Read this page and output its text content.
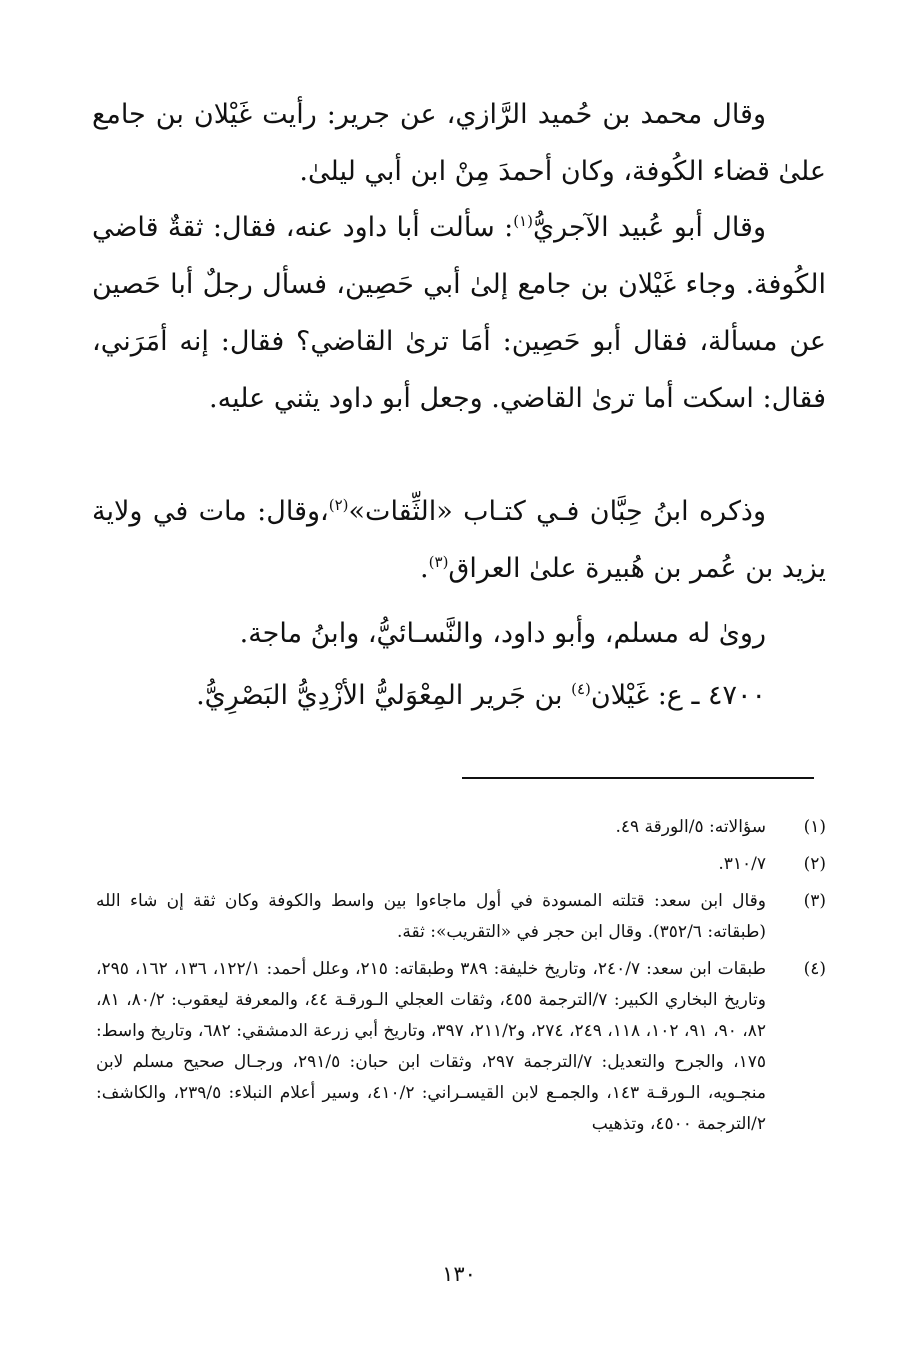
وقال محمد بن حُميد الرَّازي، عن جرير: رأيت غَيْلان بن جامع علىٰ قضاء الكُوفة، وكان أحمدَ مِنْ ابن أبي ليلىٰ.

وقال أبو عُبيد الآجريُّ$^{(١)}$: سألت أبا داود عنه، فقال: ثقةٌ قاضي الكُوفة. وجاء غَيْلان بن جامع إلىٰ أبي حَصِين، فسأل رجلٌ أبا حَصين عن مسألة، فقال أبو حَصِين: أمَا ترىٰ القاضي؟ فقال: إنه أمَرَني، فقال: اسكت أما ترىٰ القاضي. وجعل أبو داود يثني عليه.

وذكره ابنُ حِبَّان فـي كتـاب «الثِّقات»$^{(٢)}$،وقال: مات في ولاية يزيد بن عُمر بن هُبيرة علىٰ العراق$^{(٣)}$.

روىٰ له مسلم، وأبو داود، والنَّسـائيُّ، وابنُ ماجة.

٤٧٠٠ ـ ع: غَيْلان$^{(٤)}$ بن جَرير المِعْوَليُّ الأزْدِيُّ البَصْرِيُّ.

(١)
سؤالاته: ٥/الورقة ٤٩.
(٢)
٣١٠/٧.
(٣)
وقال ابن سعد: قتلته المسودة في أول ماجاءوا بين واسط والكوفة وكان ثقة إن شاء الله (طبقاته: ٣٥٢/٦). وقال ابن حجر في «التقريب»: ثقة.
(٤)
طبقات ابن سعد: ٢٤٠/٧، وتاريخ خليفة: ٣٨٩ وطبقاته: ٢١٥، وعلل أحمد: ١٢٢/١، ١٣٦، ١٦٢، ٢٩٥، وتاريخ البخاري الكبير: ٧/الترجمة ٤٥٥، وثقات العجلي الـورقـة ٤٤، والمعرفة ليعقوب: ٨٠/٢، ٨١، ٨٢، ٩٠، ٩١، ١٠٢، ١١٨، ٢٤٩، ٢٧٤، و٢١١/٢، ٣٩٧، وتاريخ أبي زرعة الدمشقي: ٦٨٢، وتاريخ واسط: ١٧٥، والجرح والتعديل: ٧/الترجمة ٢٩٧، وثقات ابن حبان: ٢٩١/٥، ورجـال صحيح مسلم لابن منجـويه، الـورقـة ١٤٣، والجمـع لابن القيسـراني: ٤١٠/٢، وسير أعلام النبلاء: ٢٣٩/٥، والكاشف: ٢/الترجمة ٤٥٠٠، وتذهيب
١٣٠
